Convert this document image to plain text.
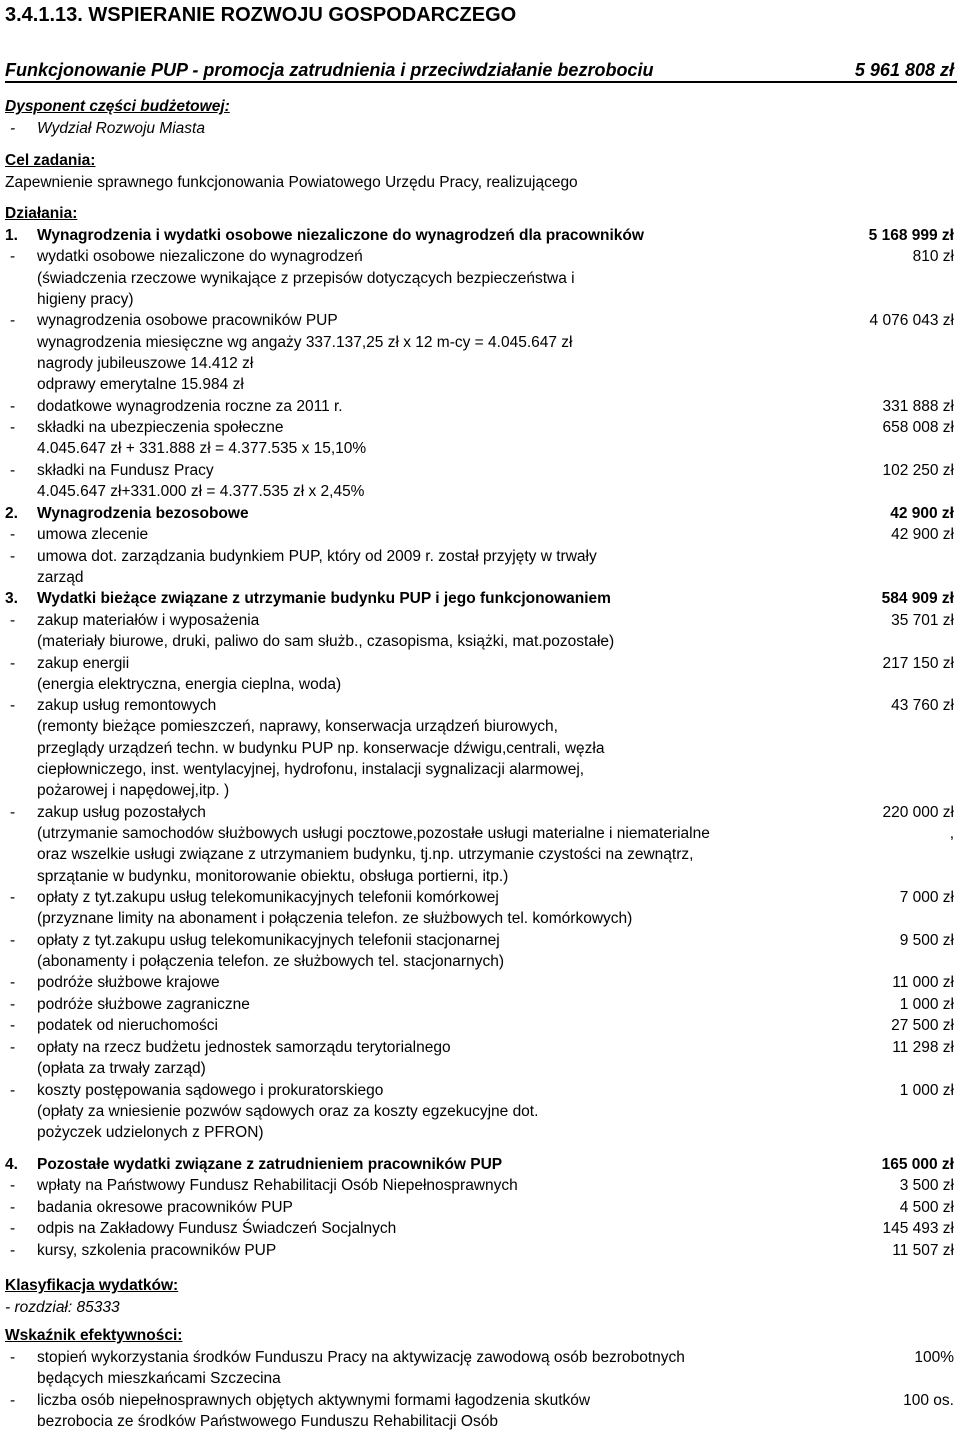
3.4.1.13. WSPIERANIE ROZWOJU GOSPODARCZEGO
Funkcjonowanie PUP - promocja zatrudnienia i przeciwdziałanie bezrobociu	5 961 808 zł
Dysponent części budżetowej:
- Wydział Rozwoju Miasta
Cel zadania:
Zapewnienie sprawnego funkcjonowania Powiatowego Urzędu Pracy, realizującego
Działania:
1. Wynagrodzenia i wydatki osobowe niezaliczone do wynagrodzeń dla pracowników	5 168 999 zł
- wydatki osobowe niezaliczone do wynagrodzeń	810 zł
(świadczenia rzeczowe wynikające z przepisów dotyczących bezpieczeństwa i
higieny pracy)
- wynagrodzenia osobowe pracowników PUP	4 076 043 zł
wynagrodzenia miesięczne wg angaży 337.137,25 zł x 12 m-cy = 4.045.647 zł
nagrody jubileuszowe 14.412 zł
odprawy emerytalne 15.984 zł
- dodatkowe wynagrodzenia roczne za 2011 r.	331 888 zł
- składki na ubezpieczenia społeczne	658 008 zł
4.045.647 zł + 331.888 zł = 4.377.535 x 15,10%
- składki na Fundusz Pracy	102 250 zł
4.045.647 zł+331.000 zł = 4.377.535 zł x 2,45%
2. Wynagrodzenia bezosobowe	42 900 zł
- umowa zlecenie	42 900 zł
- umowa dot. zarządzania budynkiem PUP, który od 2009 r. został przyjęty w trwały
zarząd
3. Wydatki bieżące związane z utrzymanie budynku PUP i jego funkcjonowaniem	584 909 zł
- zakup materiałów i wyposażenia	35 701 zł
(materiały biurowe, druki, paliwo do sam służb., czasopisma, książki, mat.pozostałe)
- zakup energii	217 150 zł
(energia elektryczna, energia cieplna, woda)
- zakup usług remontowych	43 760 zł
(remonty bieżące pomieszczeń, naprawy, konserwacja urządzeń biurowych,
przeglądy urządzeń techn. w budynku PUP np. konserwacje dźwigu,centrali, węzła
ciepłowniczego, inst. wentylacyjnej, hydrofonu, instalacji sygnalizacji alarmowej,
pożarowej i napędowej,itp. )
- zakup usług pozostałych	220 000 zł
(utrzymanie samochodów służbowych usługi pocztowe,pozostałe usługi materialne i niematerialne	,
oraz wszelkie usługi związane z utrzymaniem budynku, tj.np. utrzymanie czystości na zewnątrz,
sprzątanie w budynku, monitorowanie obiektu, obsługa portierni, itp.)
- opłaty z tyt.zakupu usług telekomunikacyjnych telefonii komórkowej	7 000 zł
(przyznane limity na abonament i połączenia telefon. ze służbowych tel. komórkowych)
- opłaty z tyt.zakupu usług telekomunikacyjnych telefonii stacjonarnej	9 500 zł
(abonamenty i połączenia telefon. ze służbowych tel. stacjonarnych)
- podróże służbowe krajowe	11 000 zł
- podróże służbowe zagraniczne	1 000 zł
- podatek od nieruchomości	27 500 zł
- opłaty na rzecz budżetu jednostek samorządu terytorialnego	11 298 zł
(opłata za trwały zarząd)
- koszty postępowania sądowego i prokuratorskiego	1 000 zł
(opłaty za wniesienie pozwów sądowych oraz za koszty egzekucyjne dot.
pożyczek udzielonych z PFRON)
4. Pozostałe wydatki związane z zatrudnieniem pracowników PUP	165 000 zł
- wpłaty na Państwowy Fundusz Rehabilitacji Osób Niepełnosprawnych	3 500 zł
- badania okresowe pracowników PUP	4 500 zł
- odpis na Zakładowy Fundusz Świadczeń Socjalnych	145 493 zł
- kursy, szkolenia pracowników PUP	11 507 zł
Klasyfikacja wydatków:
- rozdział: 85333
Wskaźnik efektywności:
- stopień wykorzystania środków Funduszu Pracy na aktywizację zawodową osób bezrobotnych	100%
będących mieszkańcami Szczecina
- liczba osób niepełnosprawnych objętych aktywnymi formami łagodzenia skutków	100 os.
bezrobocia ze środków Państwowego Funduszu Rehabilitacji Osób
